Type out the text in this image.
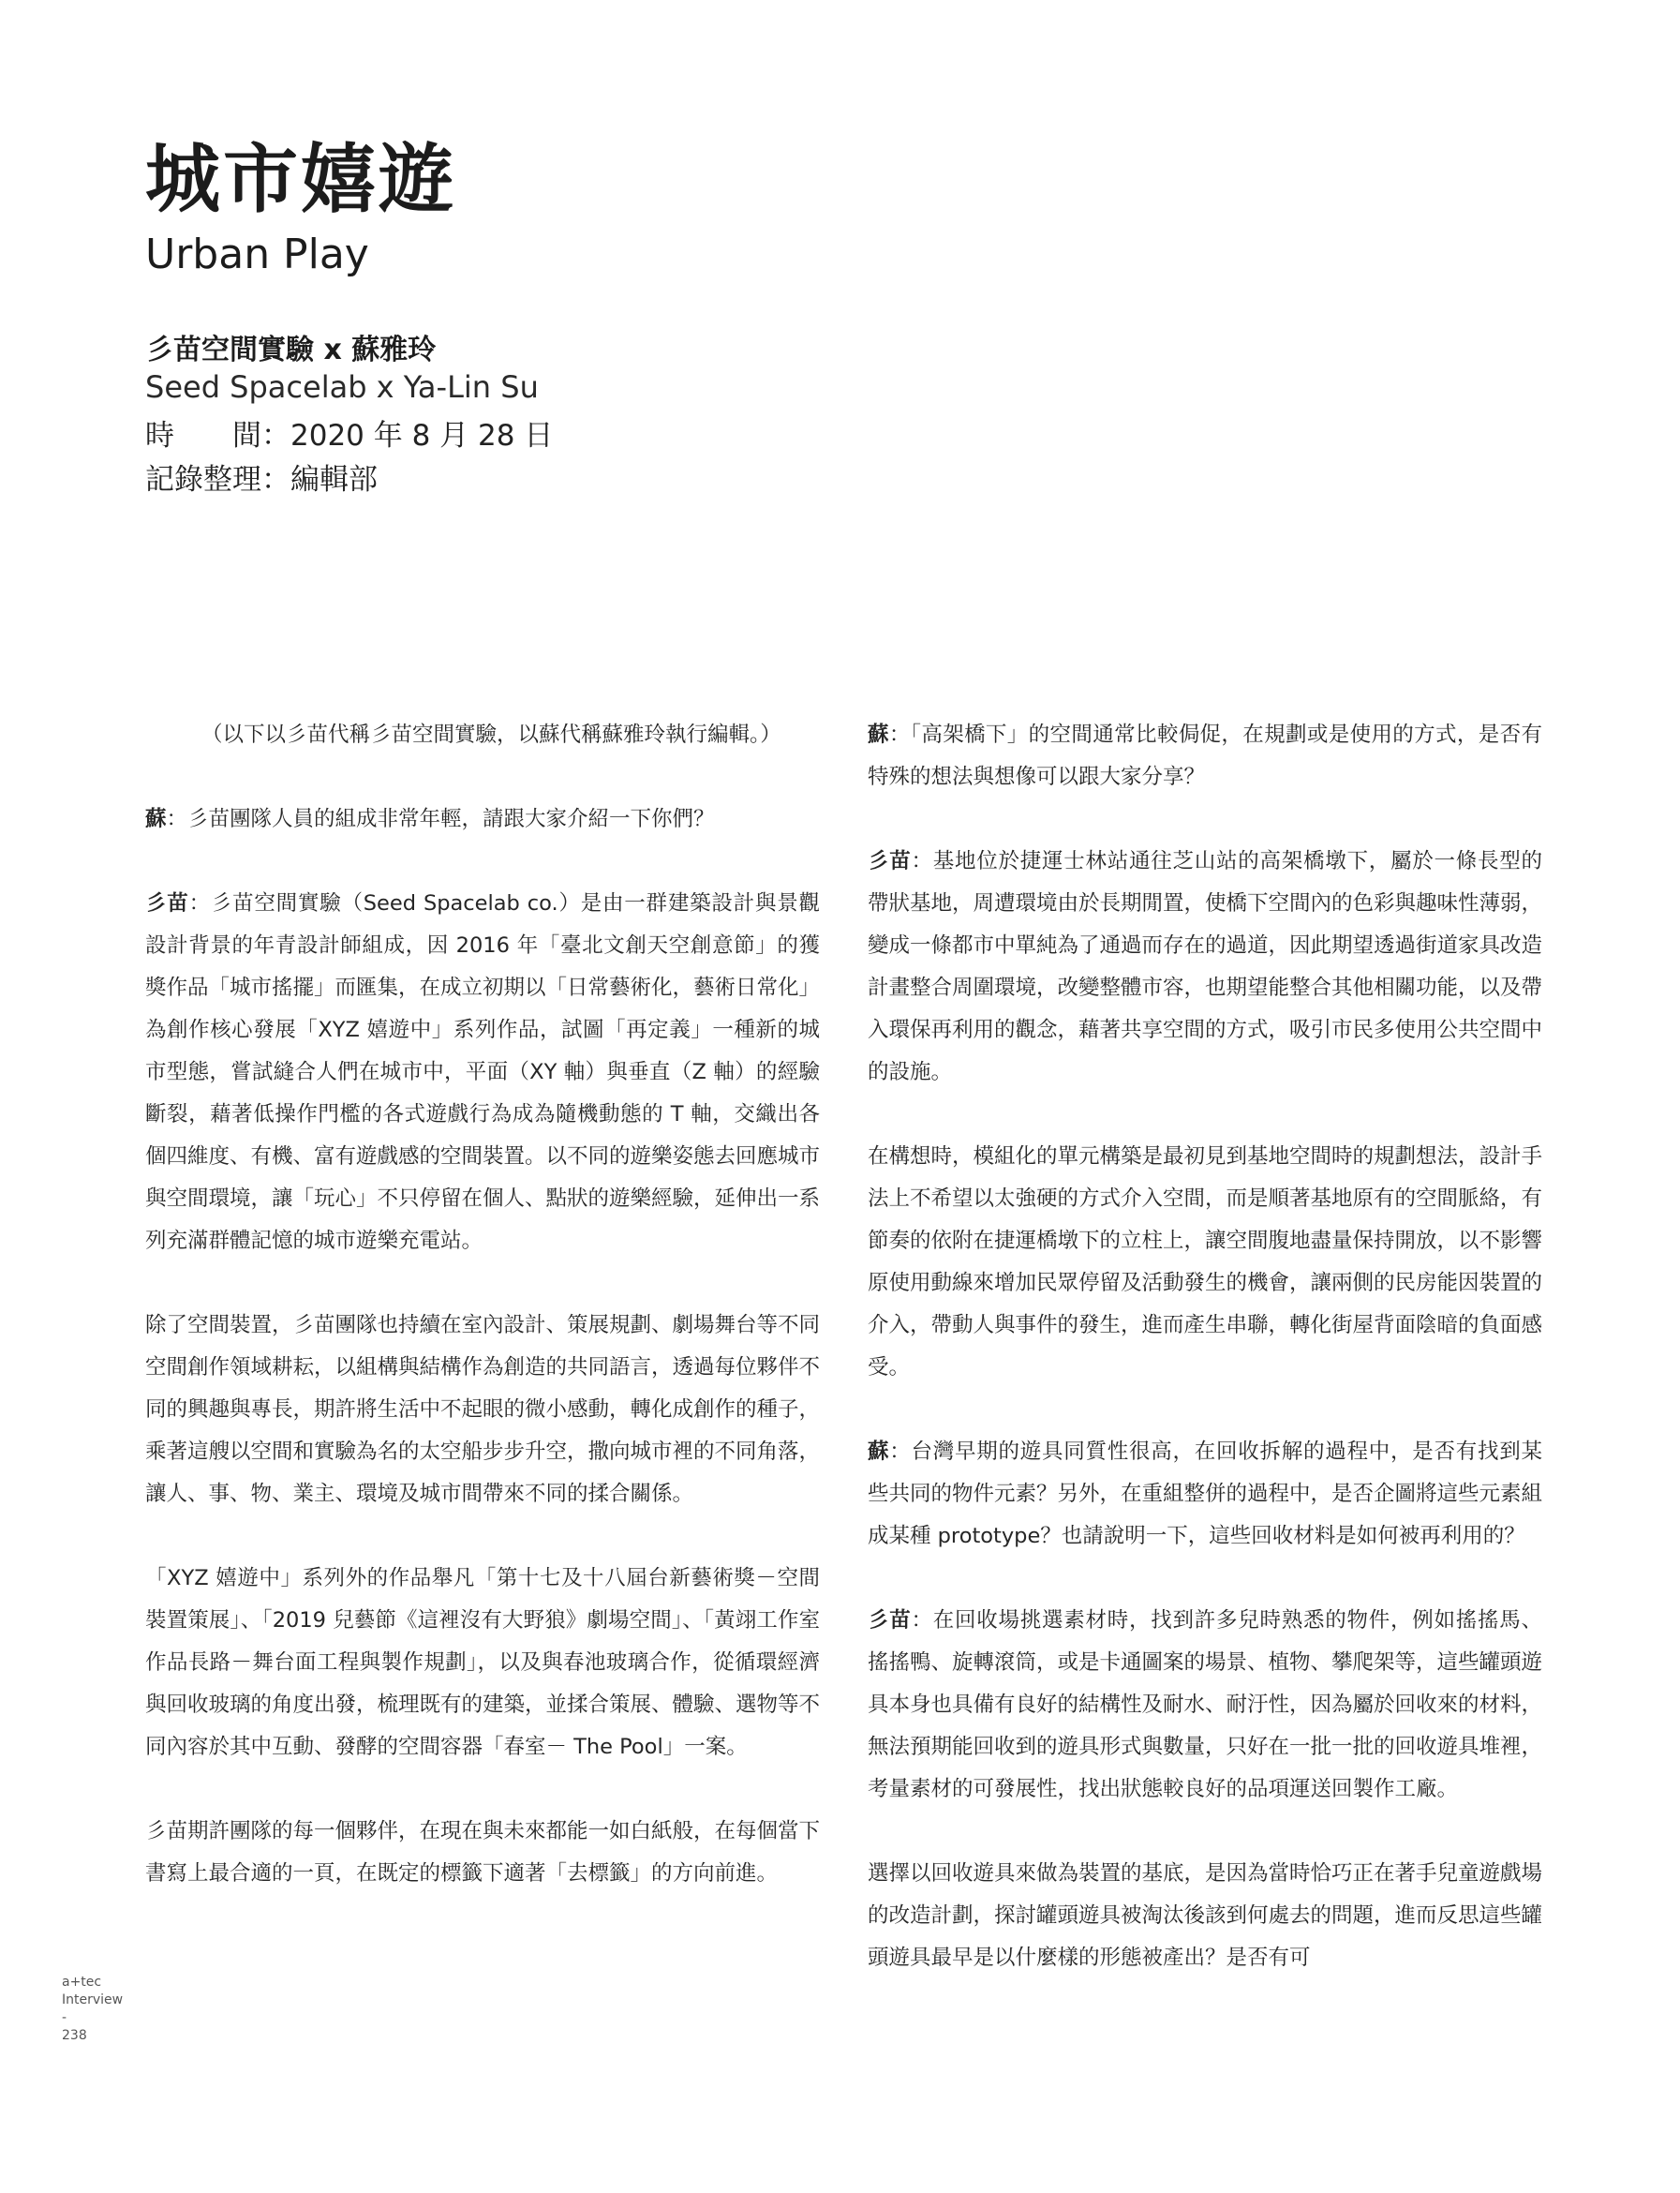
城市嬉遊
Urban Play
彡苗空間實驗 x 蘇雅玲
Seed Spacelab x Ya-Lin Su
時　　間：2020 年 8 月 28 日
記錄整理：編輯部

（以下以彡苗代稱彡苗空間實驗，以蘇代稱蘇雅玲執行編輯。）

蘇：彡苗團隊人員的組成非常年輕，請跟大家介紹一下你們？

彡苗：彡苗空間實驗（Seed Spacelab co.）是由一群建築設計與景觀設計背景的年青設計師組成，因 2016 年「臺北文創天空創意節」的獲獎作品「城市搖擺」而匯集，在成立初期以「日常藝術化，藝術日常化」為創作核心發展「XYZ 嬉遊中」系列作品，試圖「再定義」一種新的城市型態，嘗試縫合人們在城市中，平面（XY 軸）與垂直（Z 軸）的經驗斷裂，藉著低操作門檻的各式遊戲行為成為隨機動態的 T 軸，交織出各個四維度、有機、富有遊戲感的空間裝置。以不同的遊樂姿態去回應城市與空間環境，讓「玩心」不只停留在個人、點狀的遊樂經驗，延伸出一系列充滿群體記憶的城市遊樂充電站。

除了空間裝置，彡苗團隊也持續在室內設計、策展規劃、劇場舞台等不同空間創作領域耕耘，以組構與結構作為創造的共同語言，透過每位夥伴不同的興趣與專長，期許將生活中不起眼的微小感動，轉化成創作的種子，乘著這艘以空間和實驗為名的太空船步步升空，撒向城市裡的不同角落，讓人、事、物、業主、環境及城市間帶來不同的揉合關係。

「XYZ 嬉遊中」系列外的作品舉凡「第十七及十八屆台新藝術獎－空間裝置策展」、「2019 兒藝節《這裡沒有大野狼》劇場空間」、「黃翊工作室作品長路－舞台面工程與製作規劃」，以及與春池玻璃合作，從循環經濟與回收玻璃的角度出發，梳理既有的建築，並揉合策展、體驗、選物等不同內容於其中互動、發酵的空間容器「春室－ The Pool」一案。

彡苗期許團隊的每一個夥伴，在現在與未來都能一如白紙般，在每個當下書寫上最合適的一頁，在既定的標籤下適著「去標籤」的方向前進。

蘇：「高架橋下」的空間通常比較侷促，在規劃或是使用的方式，是否有特殊的想法與想像可以跟大家分享？

彡苗：基地位於捷運士林站通往芝山站的高架橋墩下，屬於一條長型的帶狀基地，周遭環境由於長期閒置，使橋下空間內的色彩與趣味性薄弱，變成一條都市中單純為了通過而存在的過道，因此期望透過街道家具改造計畫整合周圍環境，改變整體市容，也期望能整合其他相關功能，以及帶入環保再利用的觀念，藉著共享空間的方式，吸引市民多使用公共空間中的設施。

在構想時，模組化的單元構築是最初見到基地空間時的規劃想法，設計手法上不希望以太強硬的方式介入空間，而是順著基地原有的空間脈絡，有節奏的依附在捷運橋墩下的立柱上，讓空間腹地盡量保持開放，以不影響原使用動線來增加民眾停留及活動發生的機會，讓兩側的民房能因裝置的介入，帶動人與事件的發生，進而產生串聯，轉化街屋背面陰暗的負面感受。

蘇：台灣早期的遊具同質性很高，在回收拆解的過程中，是否有找到某些共同的物件元素？另外，在重組整併的過程中，是否企圖將這些元素組成某種 prototype？也請說明一下，這些回收材料是如何被再利用的？

彡苗：在回收場挑選素材時，找到許多兒時熟悉的物件，例如搖搖馬、搖搖鴨、旋轉滾筒，或是卡通圖案的場景、植物、攀爬架等，這些罐頭遊具本身也具備有良好的結構性及耐水、耐汙性，因為屬於回收來的材料，無法預期能回收到的遊具形式與數量，只好在一批一批的回收遊具堆裡，考量素材的可發展性，找出狀態較良好的品項運送回製作工廠。

選擇以回收遊具來做為裝置的基底，是因為當時恰巧正在著手兒童遊戲場的改造計劃，探討罐頭遊具被淘汰後該到何處去的問題，進而反思這些罐頭遊具最早是以什麼樣的形態被產出？是否有可

a+tec
Interview
-
238
